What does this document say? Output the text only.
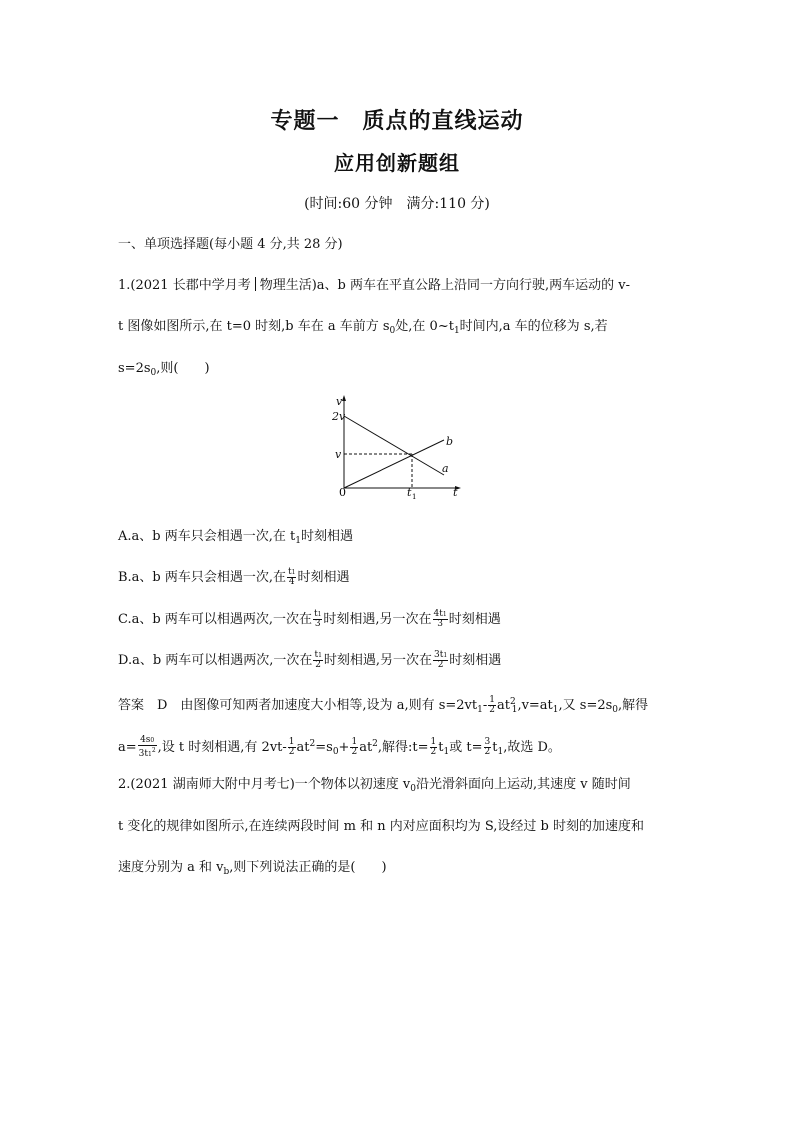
专题一　质点的直线运动
应用创新题组
(时间:60 分钟　满分:110 分)
一、单项选择题(每小题 4 分,共 28 分)
1.(2021 长郡中学月考 物理生活)a、b 两车在平直公路上沿同一方向行驶,两车运动的 v-
t 图像如图所示,在 t=0 时刻,b 车在 a 车前方 $s_0$处,在 $0\sim t_1$时间内,a 车的位移为 s,若
$s=2s_0$,则(　　)
v
2v
v
b
a
t
t 1
0
A.a、b 两车只会相遇一次,在 $t_1$时刻相遇
B.a、b 两车只会相遇一次,在 $\frac{t1}{4}$ 时刻相遇
C.a、b 两车可以相遇两次,一次在 $\frac{t1}{3}$ 时刻相遇,另一次在 $\frac{4t1}{3}$ 时刻相遇
D.a、b 两车可以相遇两次,一次在 $\frac{t1}{2}$ 时刻相遇,另一次在 $\frac{3t1}{2}$ 时刻相遇
答案　D　由图像可知两者加速度大小相等,设为 a,则有 $s=2vt_1- \frac{1}{2} at^2_1,v=at_1$,又 $s=2s_0$,解得
$a= \frac{4s0}{3t1^2}$ ,设 t 时刻相遇,有 $2vt- \frac{1}{2} at^2=s_0+ \frac{1}{2} at^2$,解得:t= $\frac{1}{2} t_1$或 $t= \frac{3}{2} t_1$,故选 D。
2.(2021 湖南师大附中月考七)一个物体以初速度 $v_0$沿光滑斜面向上运动,其速度 v 随时间
t 变化的规律如图所示,在连续两段时间 m 和 n 内对应面积均为 S,设经过 b 时刻的加速度和
速度分别为 a 和 $v_b$,则下列说法正确的是(　　)
